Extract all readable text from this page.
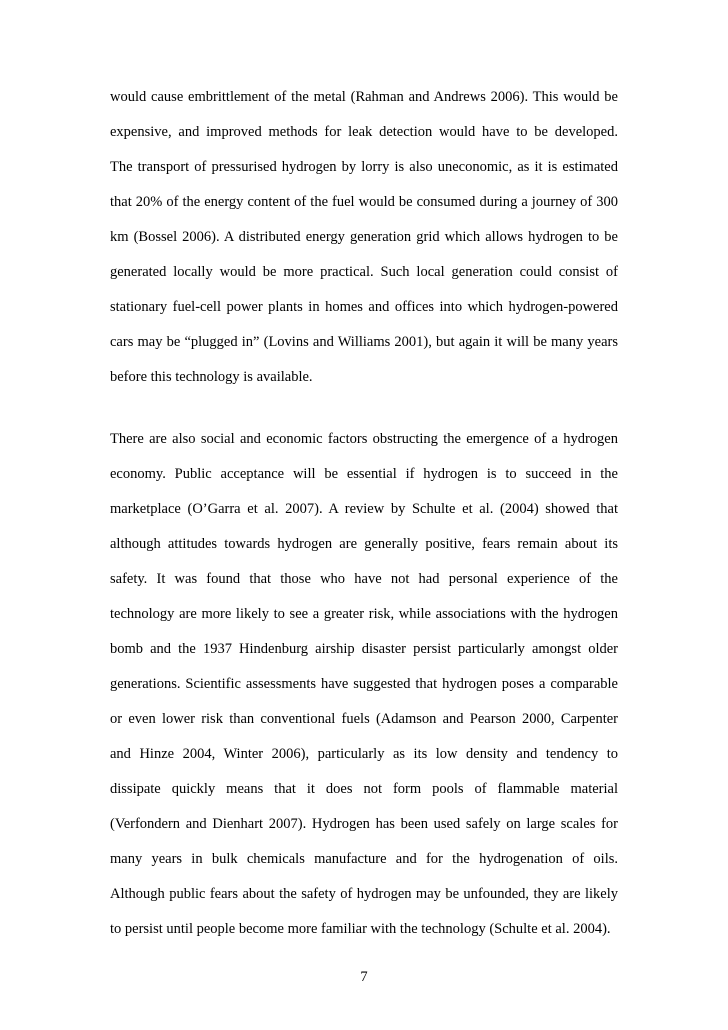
would cause embrittlement of the metal (Rahman and Andrews 2006). This would be
expensive, and improved methods for leak detection would have to be developed.
The transport of pressurised hydrogen by lorry is also uneconomic, as it is estimated
that 20% of the energy content of the fuel would be consumed during a journey of 300
km (Bossel 2006). A distributed energy generation grid which allows hydrogen to be
generated locally would be more practical. Such local generation could consist of
stationary fuel-cell power plants in homes and offices into which hydrogen-powered
cars may be “plugged in” (Lovins and Williams 2001), but again it will be many years
before this technology is available.
There are also social and economic factors obstructing the emergence of a hydrogen
economy. Public acceptance will be essential if hydrogen is to succeed in the
marketplace (O’Garra et al. 2007). A review by Schulte et al. (2004) showed that
although attitudes towards hydrogen are generally positive, fears remain about its
safety. It was found that those who have not had personal experience of the
technology are more likely to see a greater risk, while associations with the hydrogen
bomb and the 1937 Hindenburg airship disaster persist particularly amongst older
generations. Scientific assessments have suggested that hydrogen poses a comparable
or even lower risk than conventional fuels (Adamson and Pearson 2000, Carpenter
and Hinze 2004, Winter 2006), particularly as its low density and tendency to
dissipate quickly means that it does not form pools of flammable material
(Verfondern and Dienhart 2007). Hydrogen has been used safely on large scales for
many years in bulk chemicals manufacture and for the hydrogenation of oils.
Although public fears about the safety of hydrogen may be unfounded, they are likely
to persist until people become more familiar with the technology (Schulte et al. 2004).
7
